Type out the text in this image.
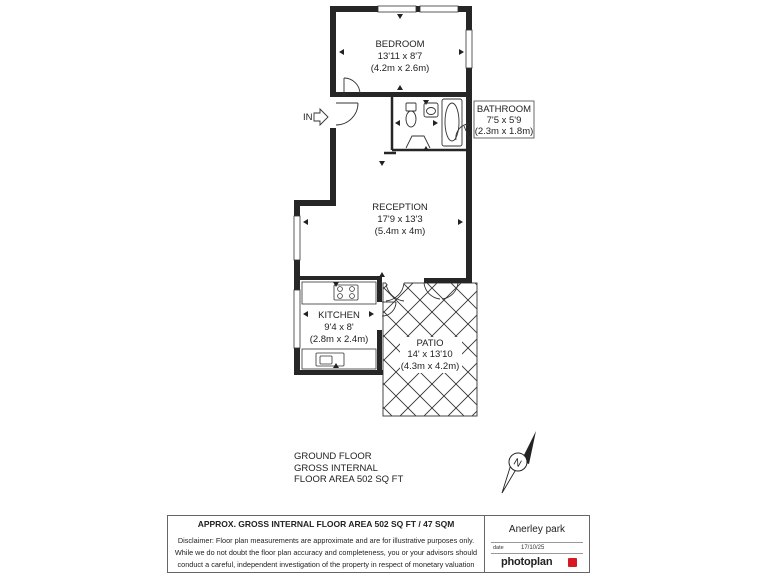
IN
BEDROOM
13'11 x 8'7
(4.2m x 2.6m)
BATHROOM
7'5 x 5'9
(2.3m x 1.8m)
RECEPTION
17'9 x 13'3
(5.4m x 4m)
KITCHEN
9'4 x 8'
(2.8m x 2.4m)	PATIO
14' x 13'10
(4.3m x 4.2m)
N
GROUND FLOOR
GROSS INTERNAL
FLOOR AREA 502 SQ FT
APPROX. GROSS INTERNAL FLOOR AREA 502 SQ FT / 47 SQM
Disclaimer: Floor plan measurements are approximate and are for illustrative purposes only.
While we do not doubt the floor plan accuracy and completeness, you or your advisors should
conduct a careful, independent investigation of the property in respect of monetary valuation
Anerley park
date	17/10/25
photoplan
